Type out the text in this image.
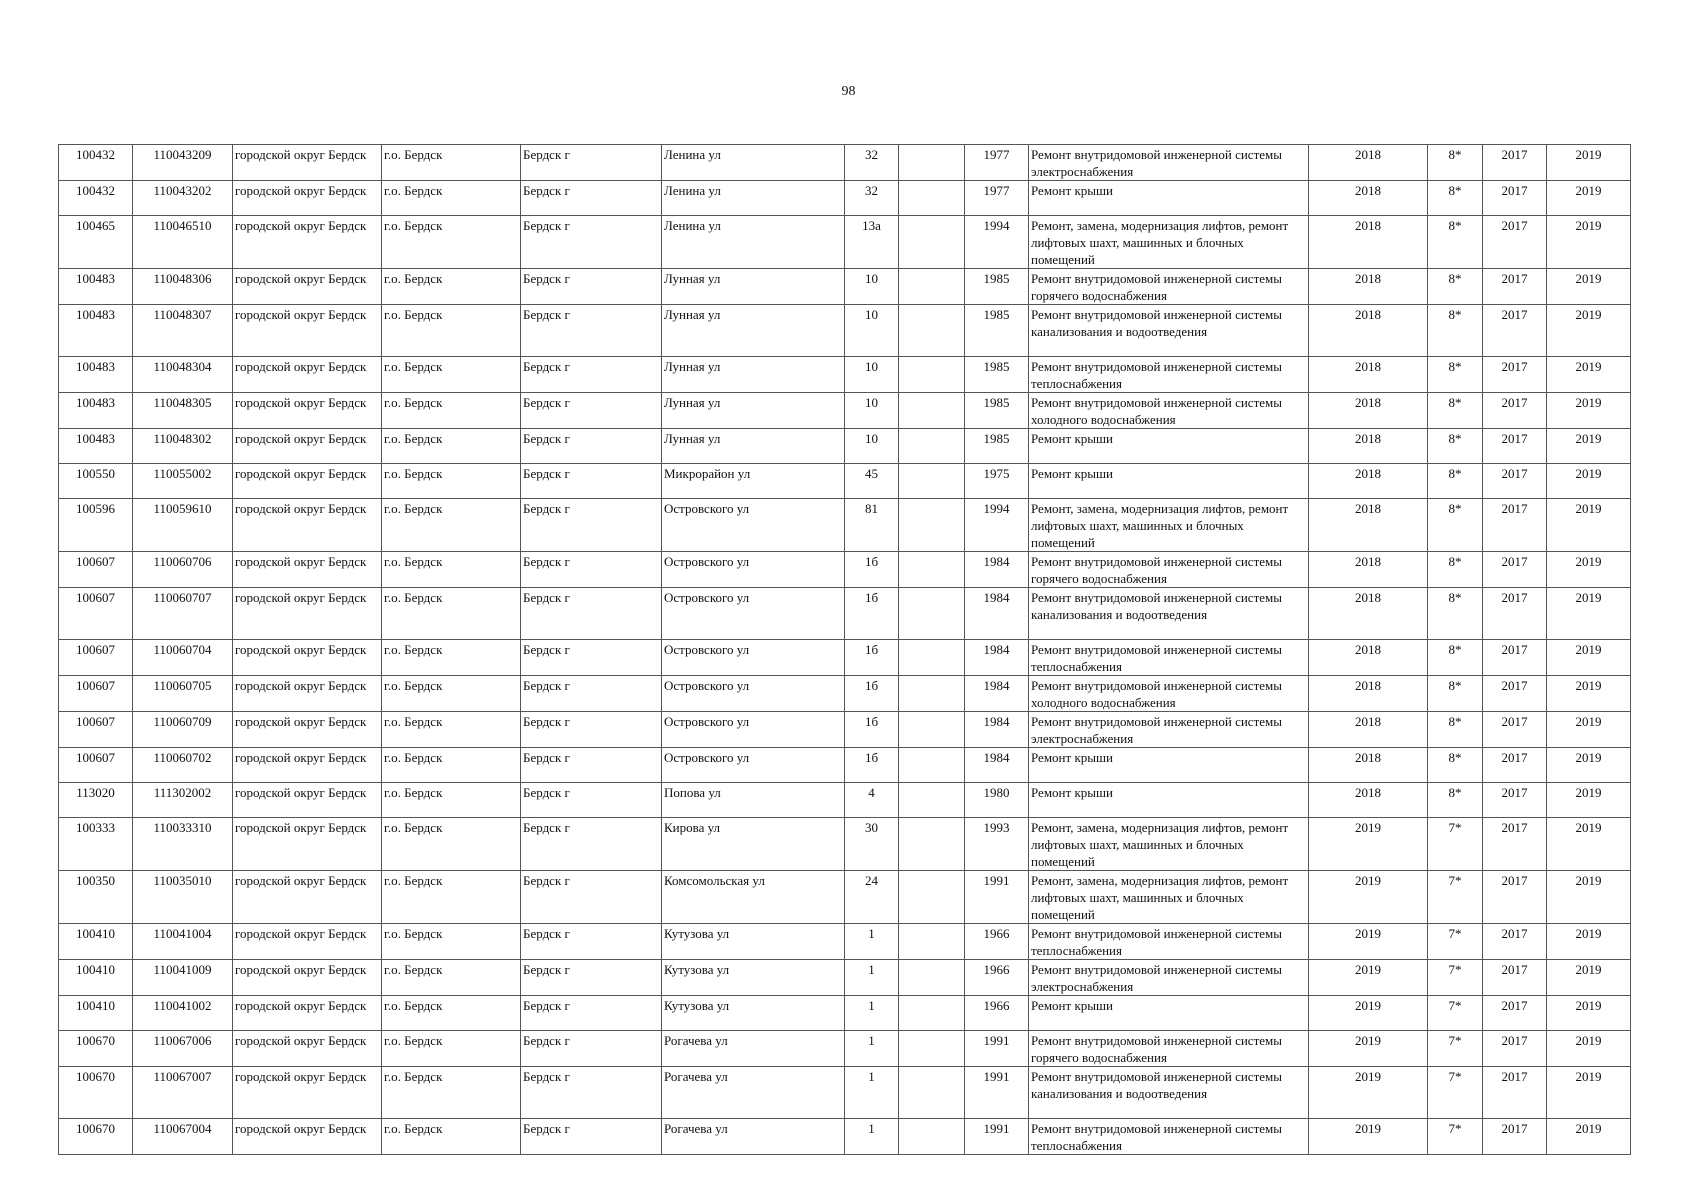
98
100432	110043209	городской округ Бердск	г.о. Бердск	Бердск г	Ленина ул	32		1977	Ремонт внутридомовой инженерной системы электроснабжения	2018	8*	2017	2019
100432	110043202	городской округ Бердск	г.о. Бердск	Бердск г	Ленина ул	32		1977	Ремонт крыши	2018	8*	2017	2019
100465	110046510	городской округ Бердск	г.о. Бердск	Бердск г	Ленина ул	13а		1994	Ремонт, замена, модернизация лифтов, ремонт лифтовых шахт, машинных и блочных помещений	2018	8*	2017	2019
100483	110048306	городской округ Бердск	г.о. Бердск	Бердск г	Лунная ул	10		1985	Ремонт внутридомовой инженерной системы горячего водоснабжения	2018	8*	2017	2019
100483	110048307	городской округ Бердск	г.о. Бердск	Бердск г	Лунная ул	10		1985	Ремонт внутридомовой инженерной системы канализования и водоотведения	2018	8*	2017	2019
100483	110048304	городской округ Бердск	г.о. Бердск	Бердск г	Лунная ул	10		1985	Ремонт внутридомовой инженерной системы теплоснабжения	2018	8*	2017	2019
100483	110048305	городской округ Бердск	г.о. Бердск	Бердск г	Лунная ул	10		1985	Ремонт внутридомовой инженерной системы холодного водоснабжения	2018	8*	2017	2019
100483	110048302	городской округ Бердск	г.о. Бердск	Бердск г	Лунная ул	10		1985	Ремонт крыши	2018	8*	2017	2019
100550	110055002	городской округ Бердск	г.о. Бердск	Бердск г	Микрорайон ул	45		1975	Ремонт крыши	2018	8*	2017	2019
100596	110059610	городской округ Бердск	г.о. Бердск	Бердск г	Островского ул	81		1994	Ремонт, замена, модернизация лифтов, ремонт лифтовых шахт, машинных и блочных помещений	2018	8*	2017	2019
100607	110060706	городской округ Бердск	г.о. Бердск	Бердск г	Островского ул	1б		1984	Ремонт внутридомовой инженерной системы горячего водоснабжения	2018	8*	2017	2019
100607	110060707	городской округ Бердск	г.о. Бердск	Бердск г	Островского ул	1б		1984	Ремонт внутридомовой инженерной системы канализования и водоотведения	2018	8*	2017	2019
100607	110060704	городской округ Бердск	г.о. Бердск	Бердск г	Островского ул	1б		1984	Ремонт внутридомовой инженерной системы теплоснабжения	2018	8*	2017	2019
100607	110060705	городской округ Бердск	г.о. Бердск	Бердск г	Островского ул	1б		1984	Ремонт внутридомовой инженерной системы холодного водоснабжения	2018	8*	2017	2019
100607	110060709	городской округ Бердск	г.о. Бердск	Бердск г	Островского ул	1б		1984	Ремонт внутридомовой инженерной системы электроснабжения	2018	8*	2017	2019
100607	110060702	городской округ Бердск	г.о. Бердск	Бердск г	Островского ул	1б		1984	Ремонт крыши	2018	8*	2017	2019
113020	111302002	городской округ Бердск	г.о. Бердск	Бердск г	Попова ул	4		1980	Ремонт крыши	2018	8*	2017	2019
100333	110033310	городской округ Бердск	г.о. Бердск	Бердск г	Кирова ул	30		1993	Ремонт, замена, модернизация лифтов, ремонт лифтовых шахт, машинных и блочных помещений	2019	7*	2017	2019
100350	110035010	городской округ Бердск	г.о. Бердск	Бердск г	Комсомольская ул	24		1991	Ремонт, замена, модернизация лифтов, ремонт лифтовых шахт, машинных и блочных помещений	2019	7*	2017	2019
100410	110041004	городской округ Бердск	г.о. Бердск	Бердск г	Кутузова ул	1		1966	Ремонт внутридомовой инженерной системы теплоснабжения	2019	7*	2017	2019
100410	110041009	городской округ Бердск	г.о. Бердск	Бердск г	Кутузова ул	1		1966	Ремонт внутридомовой инженерной системы электроснабжения	2019	7*	2017	2019
100410	110041002	городской округ Бердск	г.о. Бердск	Бердск г	Кутузова ул	1		1966	Ремонт крыши	2019	7*	2017	2019
100670	110067006	городской округ Бердск	г.о. Бердск	Бердск г	Рогачева ул	1		1991	Ремонт внутридомовой инженерной системы горячего водоснабжения	2019	7*	2017	2019
100670	110067007	городской округ Бердск	г.о. Бердск	Бердск г	Рогачева ул	1		1991	Ремонт внутридомовой инженерной системы канализования и водоотведения	2019	7*	2017	2019
100670	110067004	городской округ Бердск	г.о. Бердск	Бердск г	Рогачева ул	1		1991	Ремонт внутридомовой инженерной системы теплоснабжения	2019	7*	2017	2019
